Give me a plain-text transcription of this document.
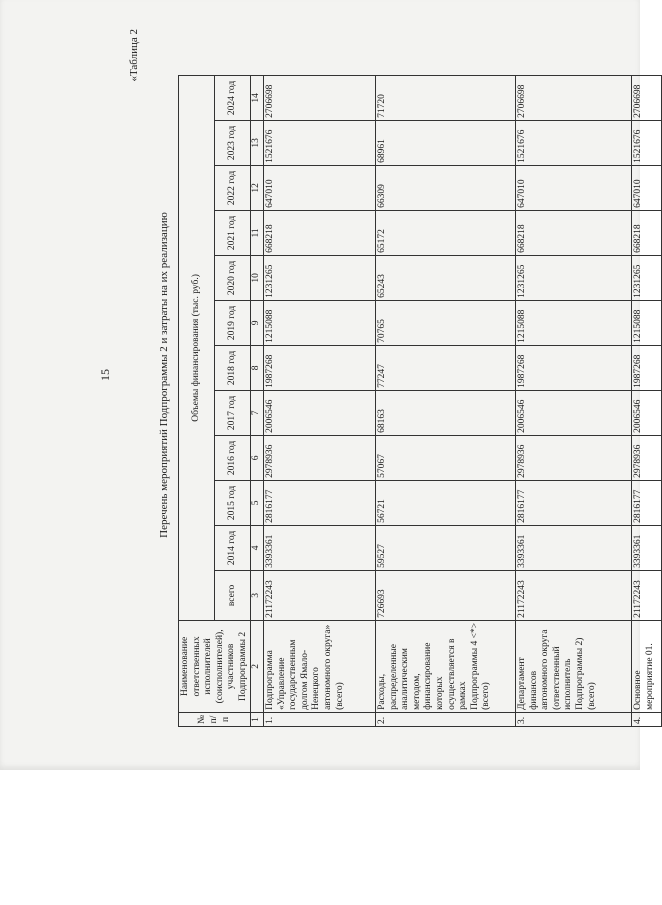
15
«Таблица 2
Перечень мероприятий Подпрограммы 2 и затраты на их реализацию
№ п/п	Наименование ответственных исполнителей (соисполнителей), участников Подпрограммы 2	Объемы финансирования (тыс. руб.)											
		всего	2014 год	2015 год	2016 год	2017 год	2018 год	2019 год	2020 год	2021 год	2022 год	2023 год	2024 год
1	2	3	4	5	6	7	8	9	10	11	12	13	14
1.	Подпрограмма «Управление государственным долгом Ямало-Ненецкого автономного округа» (всего)	21172243	3393361	2816177	2978936	2006546	1987268	1215088	1231265	668218	647010	1521676	2706698
2.	Расходы, распределенные аналитическим методом, финансирование которых осуществляется в рамках Подпрограммы 4 <*> (всего)	726693	59527	56721	57067	68163	77247	70765	65243	65172	66309	68961	71720
3.	Департамент финансов автономного округа (ответственный исполнитель Подпрограммы 2) (всего)	21172243	3393361	2816177	2978936	2006546	1987268	1215088	1231265	668218	647010	1521676	2706698
4.	Основное мероприятие 01.	21172243	3393361	2816177	2978936	2006546	1987268	1215088	1231265	668218	647010	1521676	2706698
